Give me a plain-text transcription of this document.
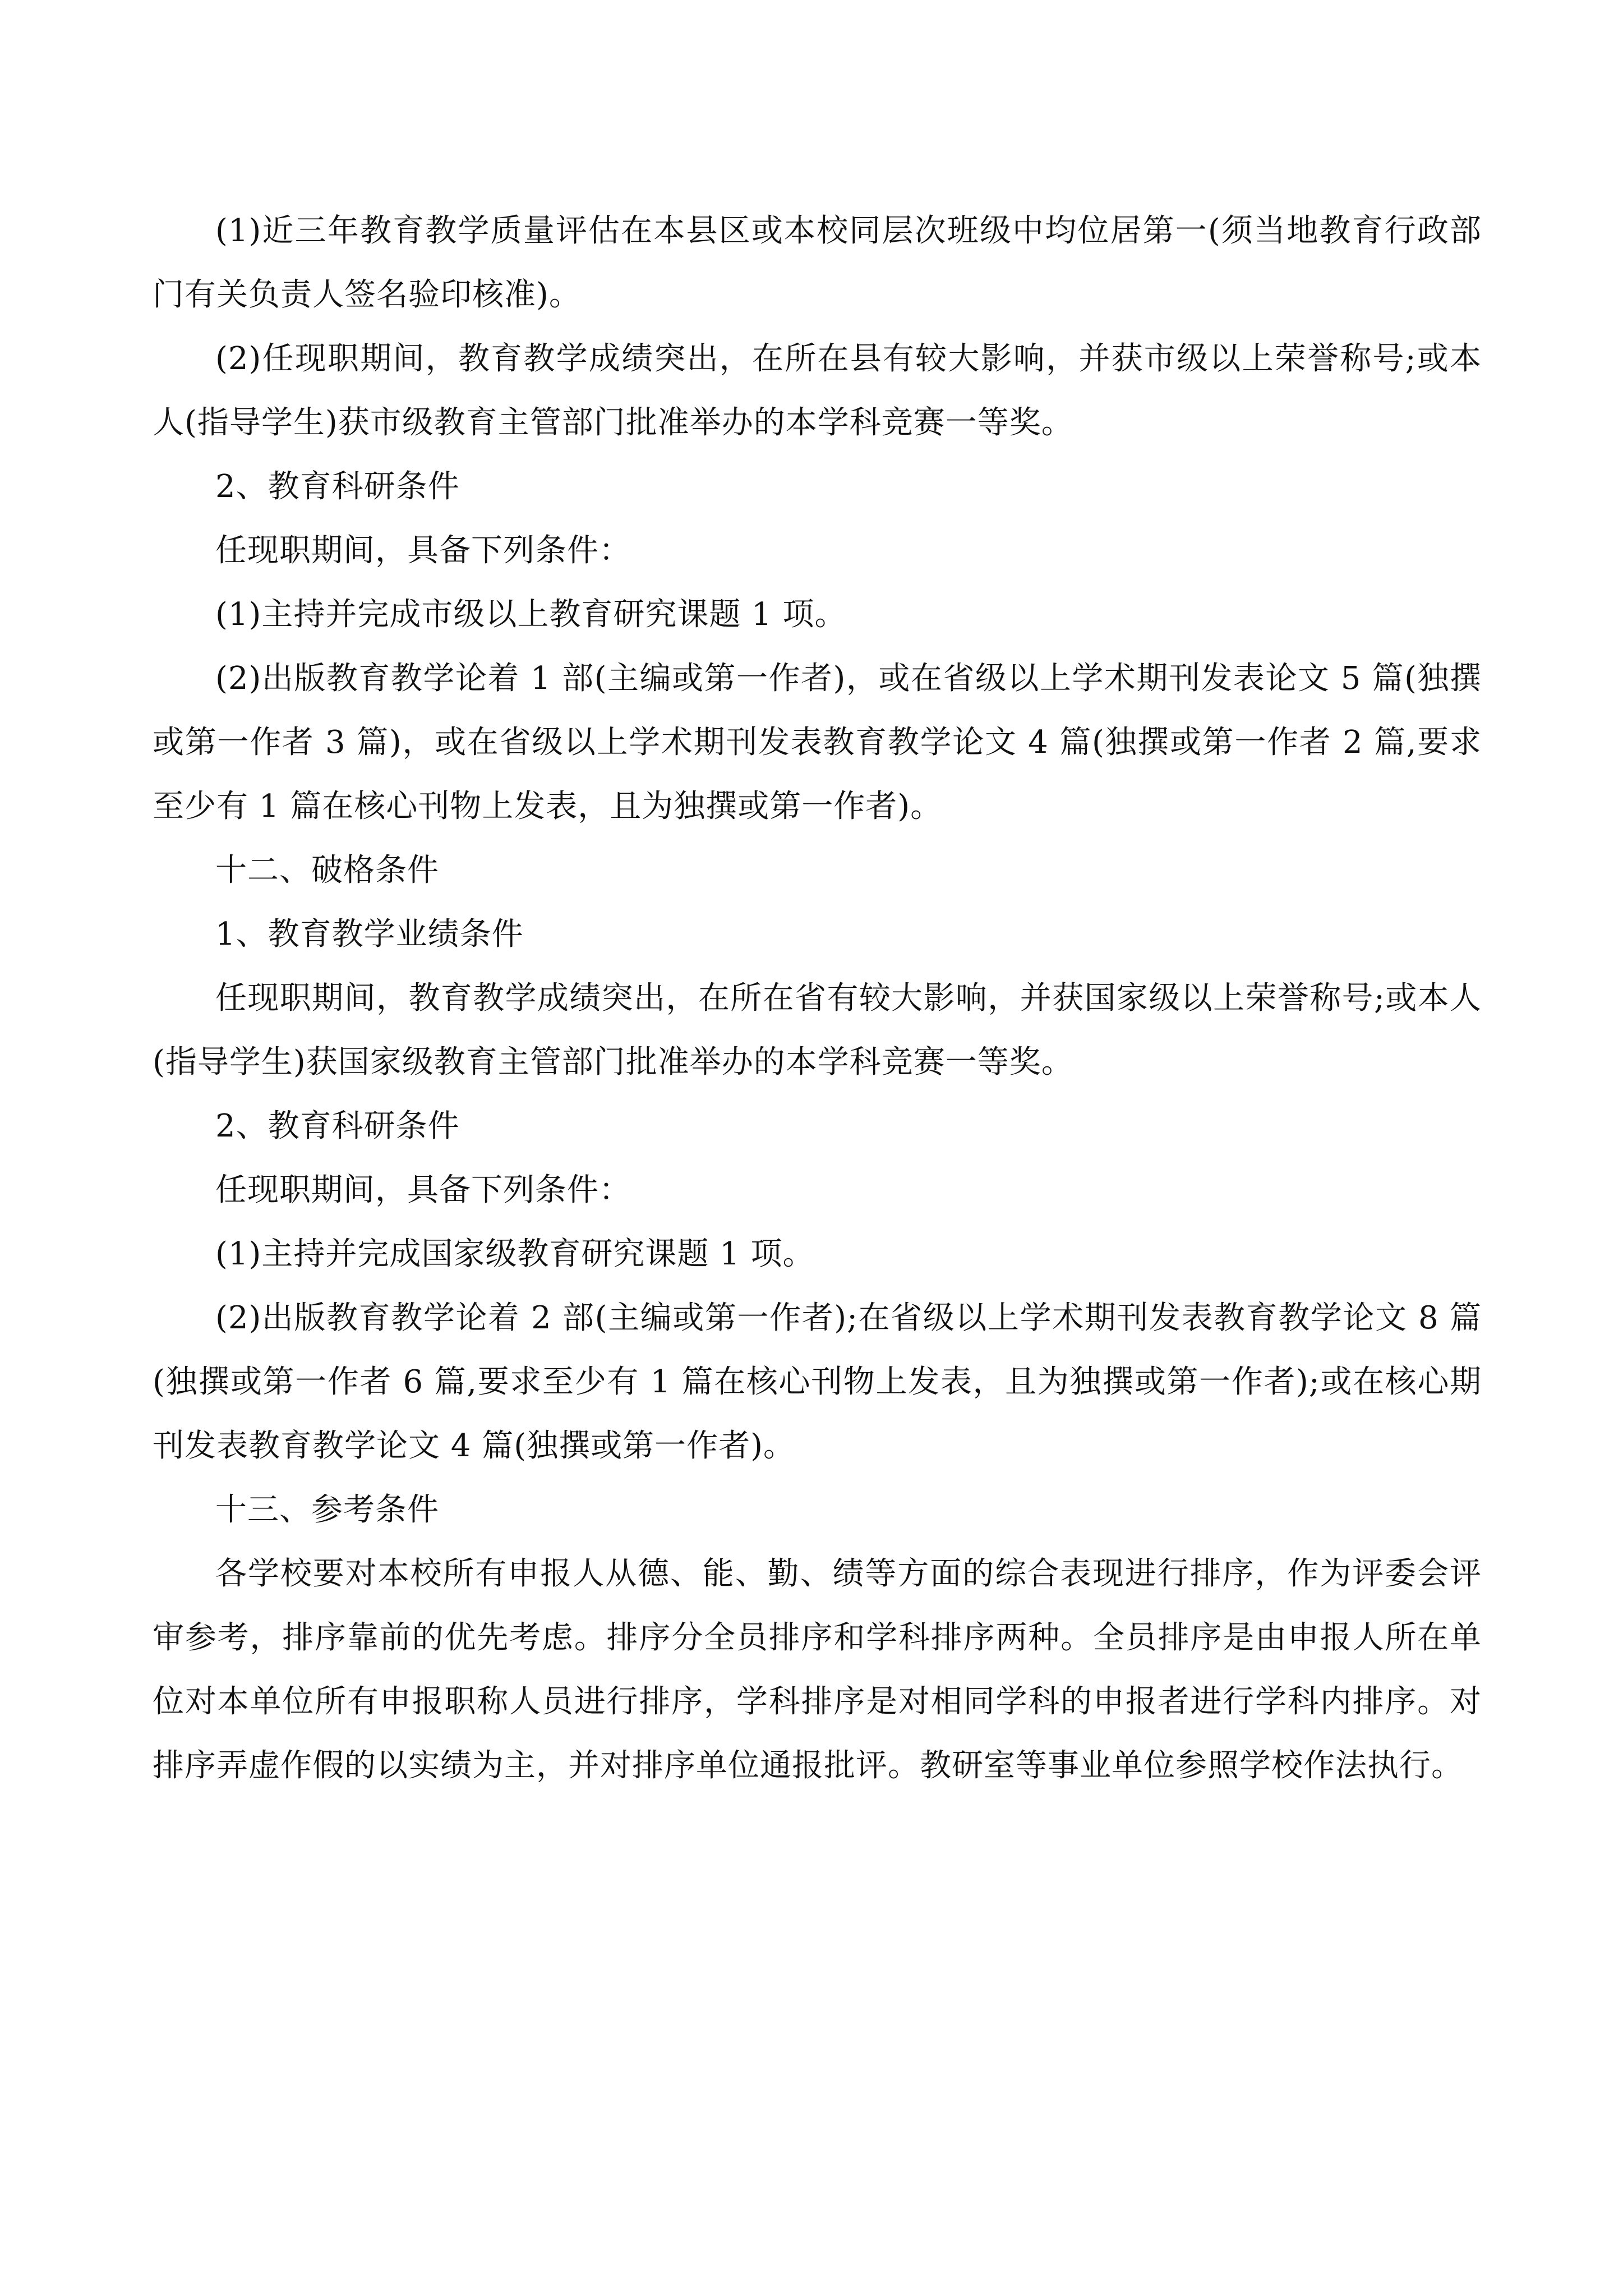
(1)近三年教育教学质量评估在本县区或本校同层次班级中均位居第一(须当地教育行政部门有关负责人签名验印核准)。

(2)任现职期间，教育教学成绩突出，在所在县有较大影响，并获市级以上荣誉称号;或本人(指导学生)获市级教育主管部门批准举办的本学科竞赛一等奖。

2、教育科研条件

任现职期间，具备下列条件：

(1)主持并完成市级以上教育研究课题 1 项。

(2)出版教育教学论着 1 部(主编或第一作者)，或在省级以上学术期刊发表论文 5 篇(独撰或第一作者 3 篇)，或在省级以上学术期刊发表教育教学论文 4 篇(独撰或第一作者 2 篇,要求至少有 1 篇在核心刊物上发表，且为独撰或第一作者)。

十二、破格条件

1、教育教学业绩条件

任现职期间，教育教学成绩突出，在所在省有较大影响，并获国家级以上荣誉称号;或本人(指导学生)获国家级教育主管部门批准举办的本学科竞赛一等奖。

2、教育科研条件

任现职期间，具备下列条件：

(1)主持并完成国家级教育研究课题 1 项。

(2)出版教育教学论着 2 部(主编或第一作者);在省级以上学术期刊发表教育教学论文 8 篇(独撰或第一作者 6 篇,要求至少有 1 篇在核心刊物上发表，且为独撰或第一作者);或在核心期刊发表教育教学论文 4 篇(独撰或第一作者)。

十三、参考条件

各学校要对本校所有申报人从德、能、勤、绩等方面的综合表现进行排序，作为评委会评审参考，排序靠前的优先考虑。排序分全员排序和学科排序两种。全员排序是由申报人所在单位对本单位所有申报职称人员进行排序，学科排序是对相同学科的申报者进行学科内排序。对排序弄虚作假的以实绩为主，并对排序单位通报批评。教研室等事业单位参照学校作法执行。
